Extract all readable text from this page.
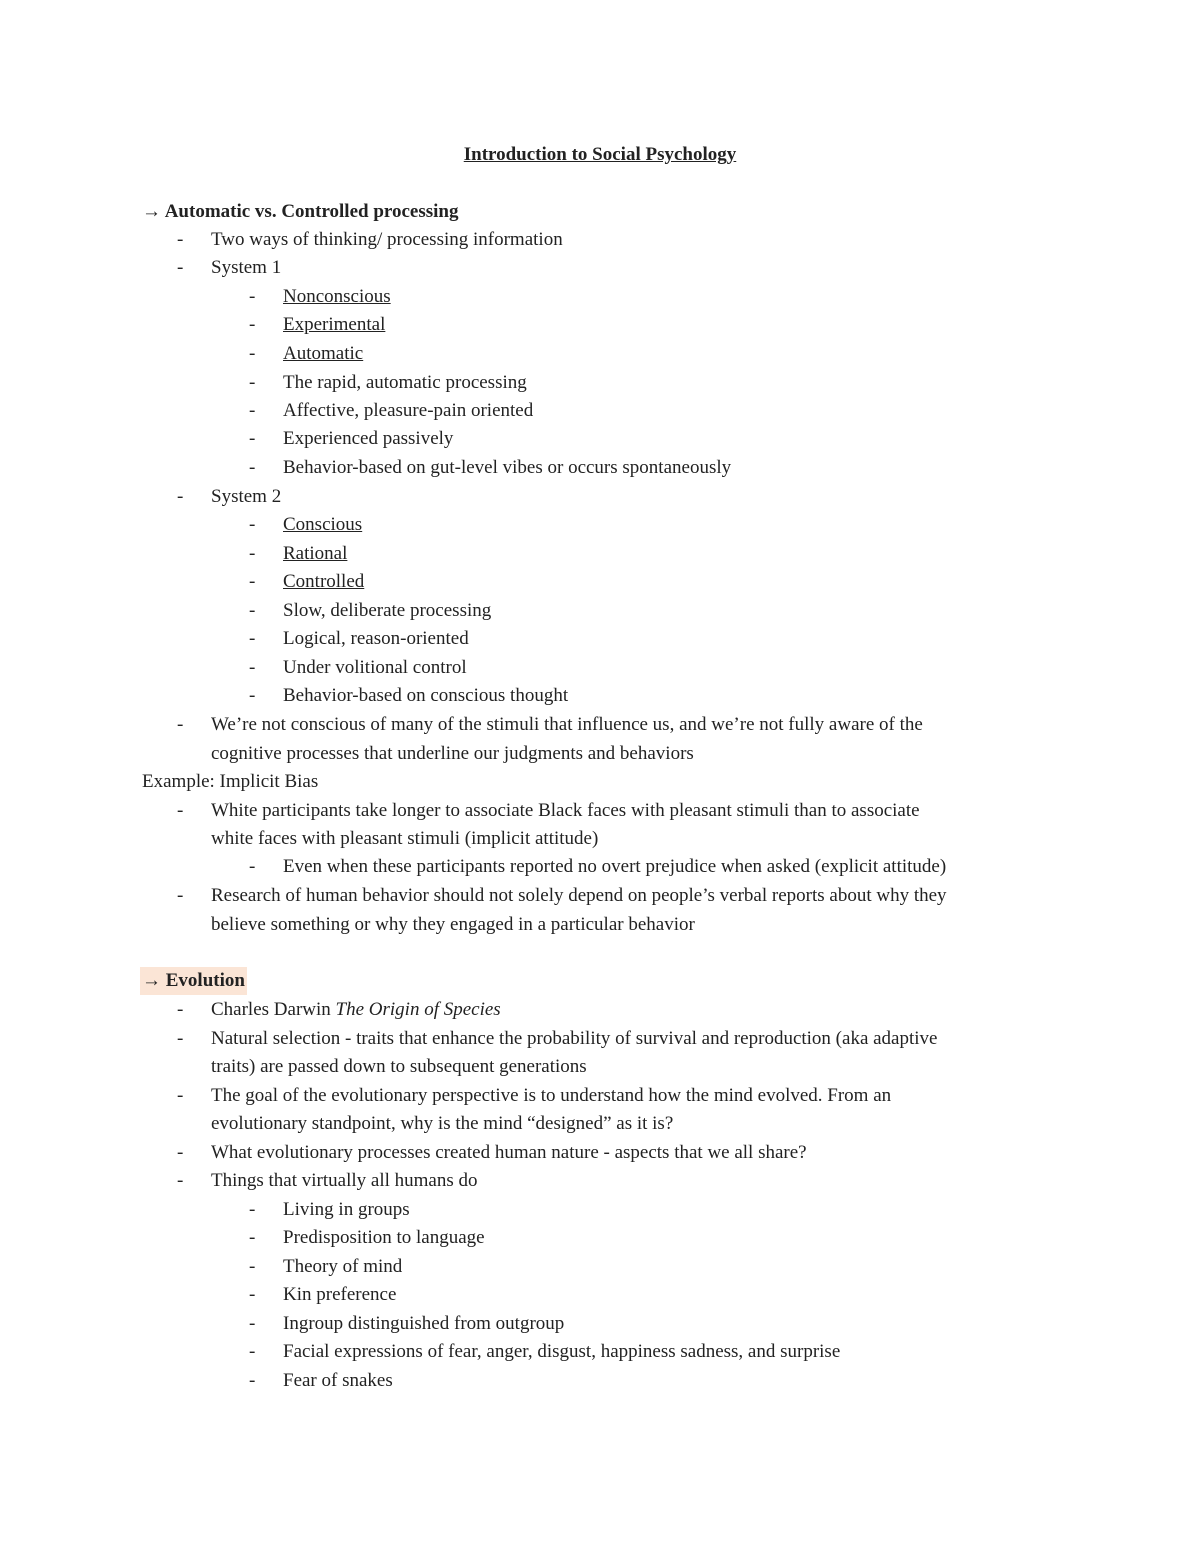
Introduction to Social Psychology
→ Automatic vs. Controlled processing
- Two ways of thinking/ processing information
- System 1
- Nonconscious
- Experimental
- Automatic
- The rapid, automatic processing
- Affective, pleasure-pain oriented
- Experienced passively
- Behavior-based on gut-level vibes or occurs spontaneously
- System 2
- Conscious
- Rational
- Controlled
- Slow, deliberate processing
- Logical, reason-oriented
- Under volitional control
- Behavior-based on conscious thought
- We’re not conscious of many of the stimuli that influence us, and we’re not fully aware of the
cognitive processes that underline our judgments and behaviors
Example: Implicit Bias
- White participants take longer to associate Black faces with pleasant stimuli than to associate
white faces with pleasant stimuli (implicit attitude)
- Even when these participants reported no overt prejudice when asked (explicit attitude)
- Research of human behavior should not solely depend on people’s verbal reports about why they
believe something or why they engaged in a particular behavior
→ Evolution
- Charles Darwin The Origin of Species
- Natural selection - traits that enhance the probability of survival and reproduction (aka adaptive
traits) are passed down to subsequent generations
- The goal of the evolutionary perspective is to understand how the mind evolved. From an
evolutionary standpoint, why is the mind “designed” as it is?
- What evolutionary processes created human nature - aspects that we all share?
- Things that virtually all humans do
- Living in groups
- Predisposition to language
- Theory of mind
- Kin preference
- Ingroup distinguished from outgroup
- Facial expressions of fear, anger, disgust, happiness sadness, and surprise
- Fear of snakes
